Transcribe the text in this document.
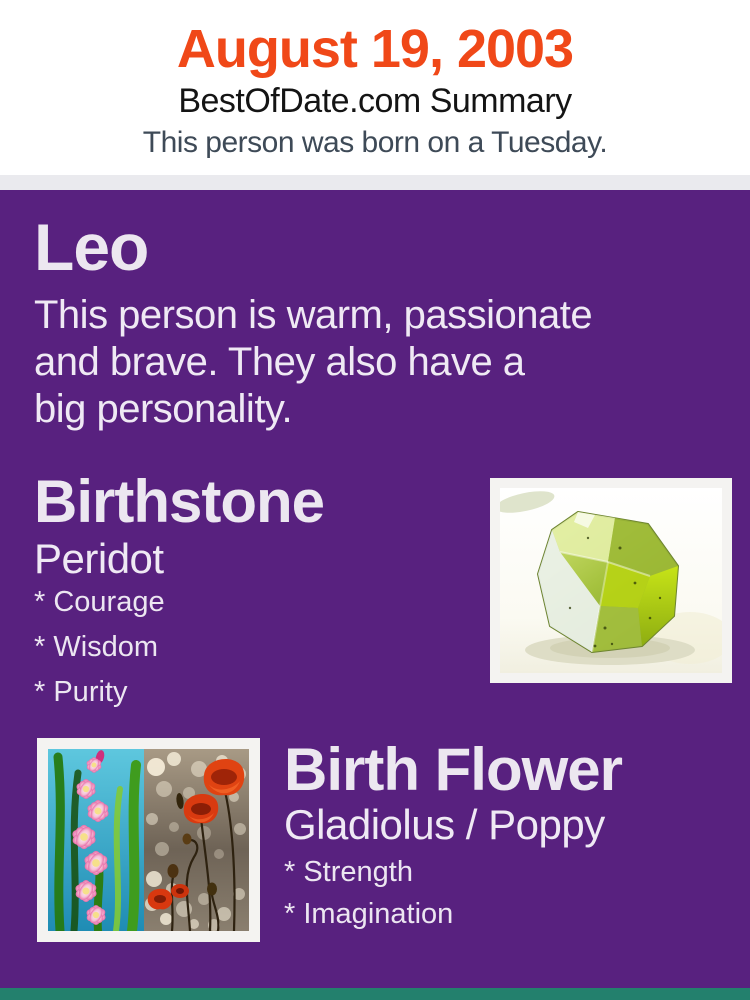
August 19, 2003
BestOfDate.com Summary
This person was born on a Tuesday.
Leo
This person is warm, passionate
and brave. They also have a
big personality.
Birthstone
Peridot
* Courage
* Wisdom
* Purity
Birth Flower
Gladiolus / Poppy
* Strength
* Imagination
